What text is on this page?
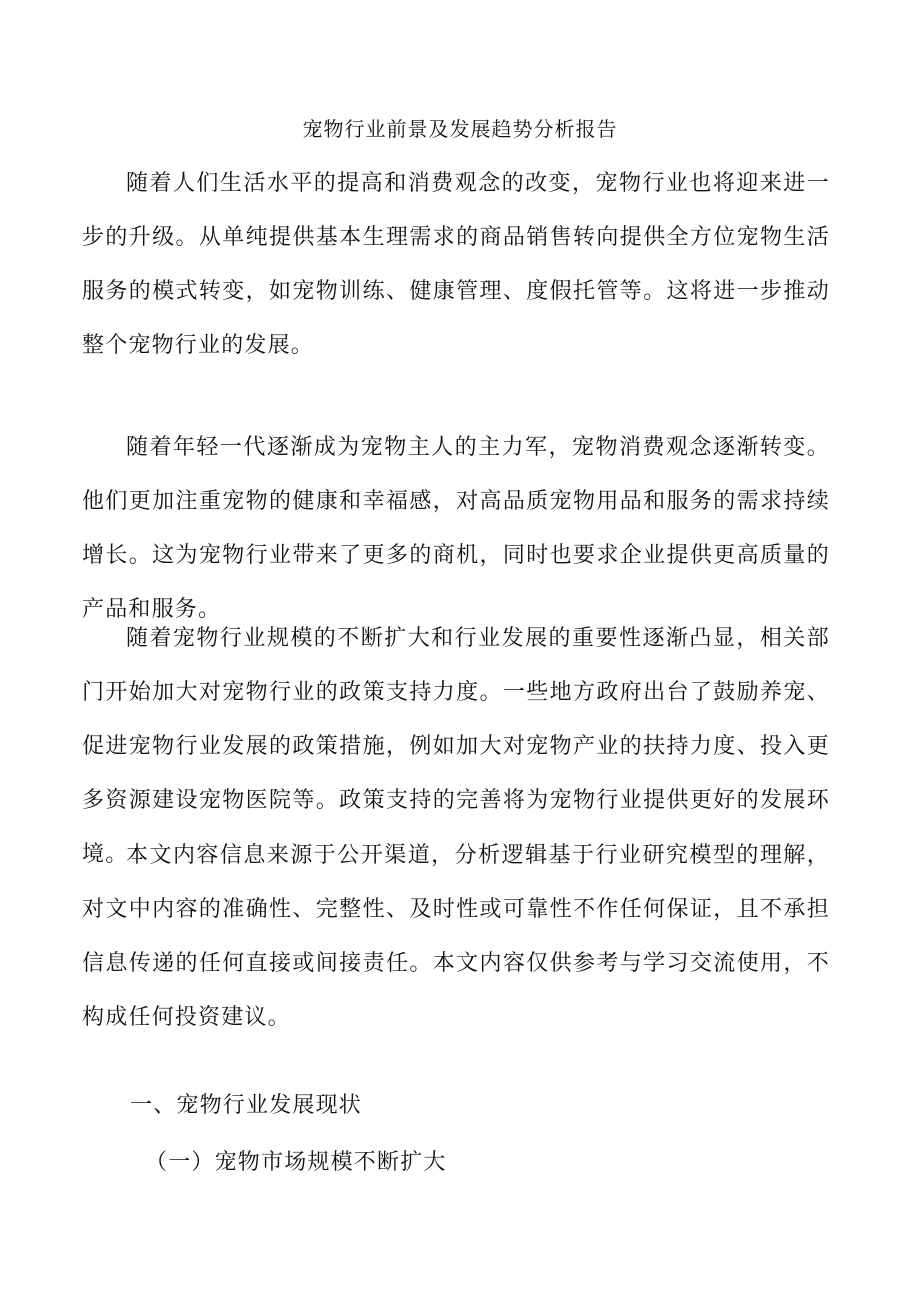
宠物行业前景及发展趋势分析报告

随着人们生活水平的提高和消费观念的改变，宠物行业也将迎来进一步的升级。从单纯提供基本生理需求的商品销售转向提供全方位宠物生活服务的模式转变，如宠物训练、健康管理、度假托管等。这将进一步推动整个宠物行业的发展。

随着年轻一代逐渐成为宠物主人的主力军，宠物消费观念逐渐转变。他们更加注重宠物的健康和幸福感，对高品质宠物用品和服务的需求持续增长。这为宠物行业带来了更多的商机，同时也要求企业提供更高质量的产品和服务。

随着宠物行业规模的不断扩大和行业发展的重要性逐渐凸显，相关部门开始加大对宠物行业的政策支持力度。一些地方政府出台了鼓励养宠、促进宠物行业发展的政策措施，例如加大对宠物产业的扶持力度、投入更多资源建设宠物医院等。政策支持的完善将为宠物行业提供更好的发展环境。

本文内容信息来源于公开渠道，分析逻辑基于行业研究模型的理解，对文中内容的准确性、完整性、及时性或可靠性不作任何保证，且不承担信息传递的任何直接或间接责任。本文内容仅供参考与学习交流使用，不构成任何投资建议。

一、宠物行业发展现状
（一）宠物市场规模不断扩大
